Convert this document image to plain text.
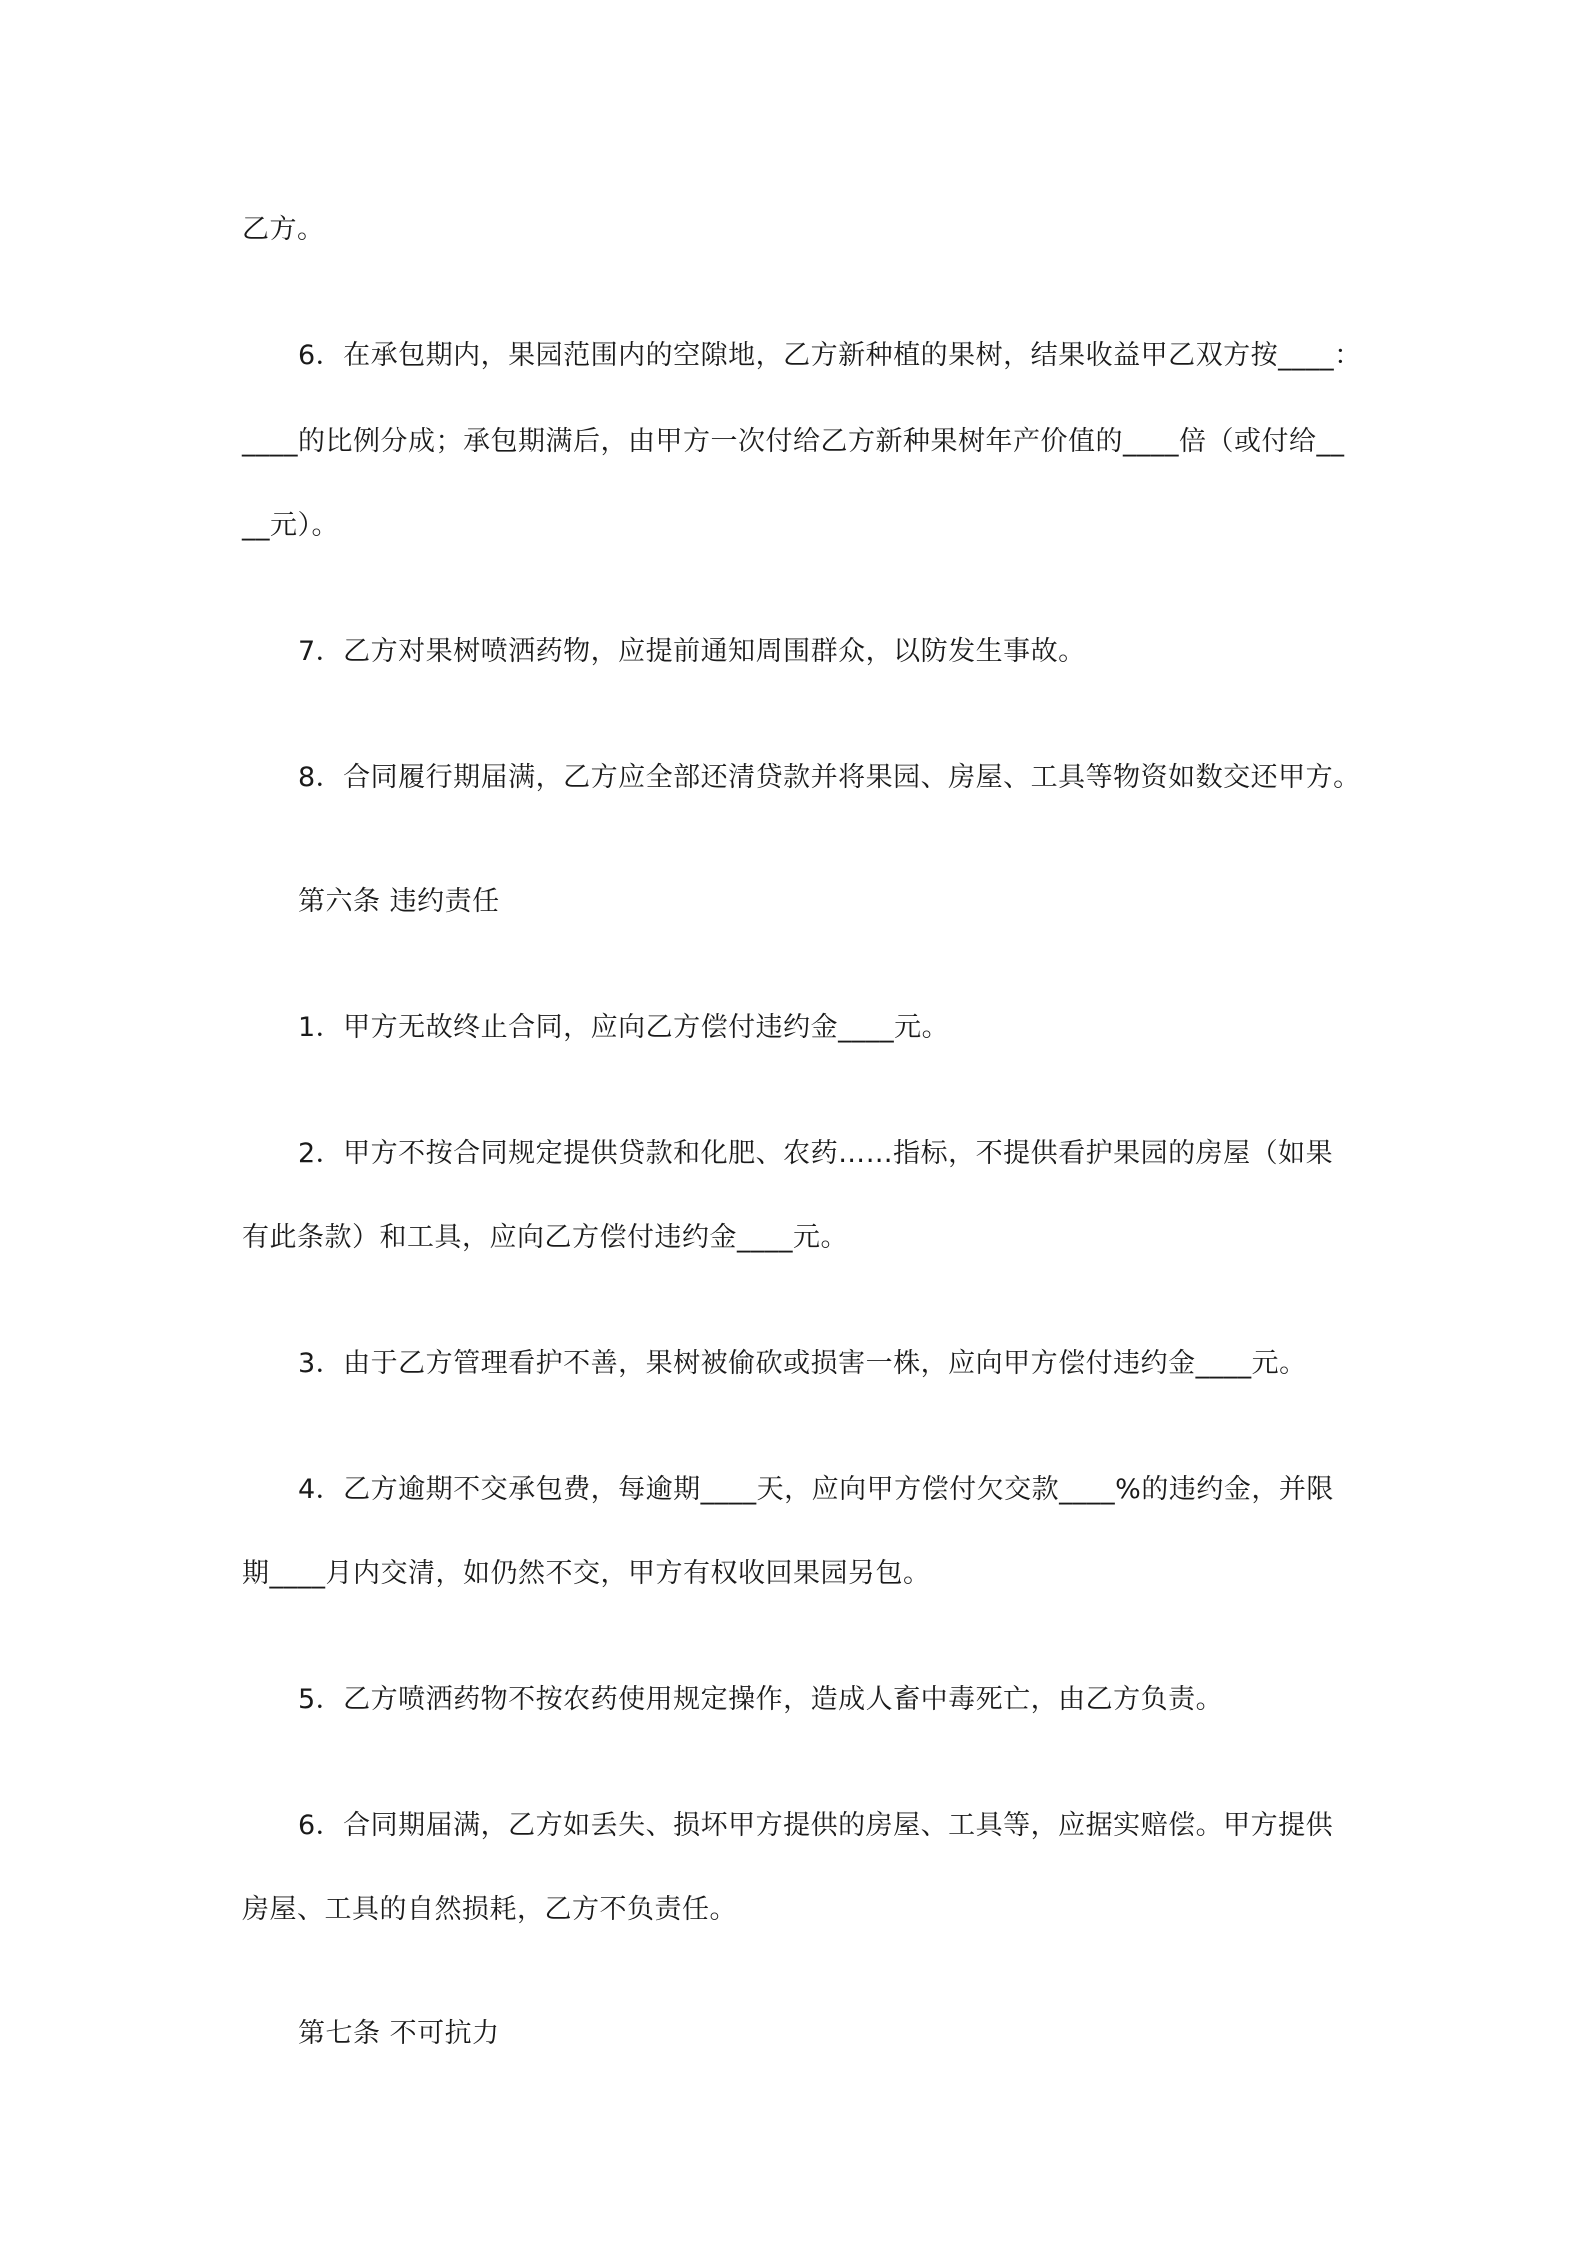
乙方。
6．在承包期内，果园范围内的空隙地，乙方新种植的果树，结果收益甲乙双方按____：
____的比例分成；承包期满后，由甲方一次付给乙方新种果树年产价值的____倍（或付给__
__元）。
7．乙方对果树喷洒药物，应提前通知周围群众，以防发生事故。
8．合同履行期届满，乙方应全部还清贷款并将果园、房屋、工具等物资如数交还甲方。
第六条 违约责任
1．甲方无故终止合同，应向乙方偿付违约金____元。
2．甲方不按合同规定提供贷款和化肥、农药……指标，不提供看护果园的房屋（如果
有此条款）和工具，应向乙方偿付违约金____元。
3．由于乙方管理看护不善，果树被偷砍或损害一株，应向甲方偿付违约金____元。
4．乙方逾期不交承包费，每逾期____天，应向甲方偿付欠交款____%的违约金，并限
期____月内交清，如仍然不交，甲方有权收回果园另包。
5．乙方喷洒药物不按农药使用规定操作，造成人畜中毒死亡，由乙方负责。
6．合同期届满，乙方如丢失、损坏甲方提供的房屋、工具等，应据实赔偿。甲方提供
房屋、工具的自然损耗，乙方不负责任。
第七条 不可抗力
